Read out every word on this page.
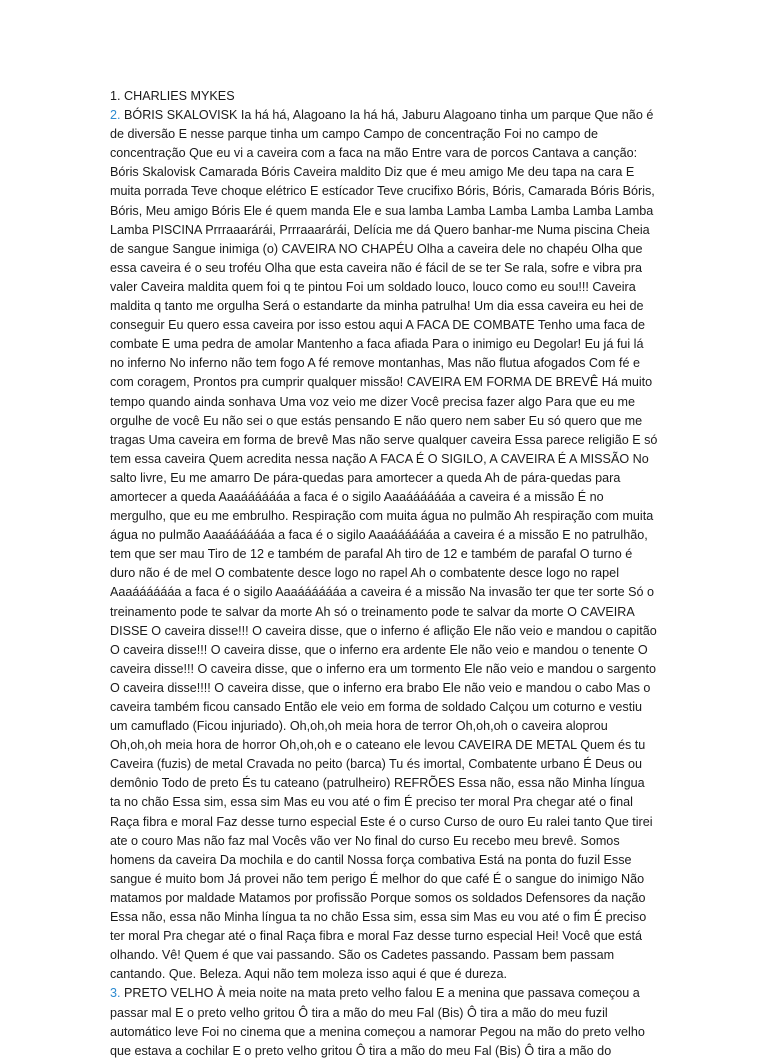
1. CHARLIES MYKES

2. BÓRIS SKALOVISK Ia há há, Alagoano Ia há há, Jaburu Alagoano tinha um parque Que não é de diversão E nesse parque tinha um campo Campo de concentração Foi no campo de concentração Que eu vi a caveira com a faca na mão Entre vara de porcos Cantava a canção: Bóris Skalovisk Camarada Bóris Caveira maldito Diz que é meu amigo Me deu tapa na cara E muita porrada Teve choque elétrico E estícador Teve crucifixo Bóris, Bóris, Camarada Bóris Bóris, Bóris, Meu amigo Bóris Ele é quem manda Ele e sua lamba Lamba Lamba Lamba Lamba Lamba Lamba PISCINA Prrraaarárái, Prrraaarárái, Delícia me dá Quero banhar-me Numa piscina Cheia de sangue Sangue inimiga (o) CAVEIRA NO CHAPÉU Olha a caveira dele no chapéu Olha que essa caveira é o seu troféu Olha que esta caveira não é fácil de se ter Se rala, sofre e vibra pra valer Caveira maldita quem foi q te pintou Foi um soldado louco, louco como eu sou!!! Caveira maldita q tanto me orgulha Será o estandarte da minha patrulha! Um dia essa caveira eu hei de conseguir Eu quero essa caveira por isso estou aqui A FACA DE COMBATE Tenho uma faca de combate E uma pedra de amolar Mantenho a faca afiada Para o inimigo eu Degolar! Eu já fui lá no inferno No inferno não tem fogo A fé remove montanhas, Mas não flutua afogados Com fé e com coragem, Prontos pra cumprir qualquer missão! CAVEIRA EM FORMA DE BREVÊ Há muito tempo quando ainda sonhava Uma voz veio me dizer Você precisa fazer algo Para que eu me orgulhe de você Eu não sei o que estás pensando E não quero nem saber Eu só quero que me tragas Uma caveira em forma de brevê Mas não serve qualquer caveira Essa parece religião E só tem essa caveira Quem acredita nessa nação A FACA É O SIGILO, A CAVEIRA É A MISSÃO No salto livre, Eu me amarro De pára-quedas para amortecer a queda Ah de pára-quedas para amortecer a queda Aaaááááááa a faca é o sigilo Aaaááááááa a caveira é a missão É no mergulho, que eu me embrulho. Respiração com muita água no pulmão Ah respiração com muita água no pulmão Aaaááááááa a faca é o sigilo Aaaááááááa a caveira é a missão E no patrulhão, tem que ser mau Tiro de 12 e também de parafal Ah tiro de 12 e também de parafal O turno é duro não é de mel O combatente desce logo no rapel Ah o combatente desce logo no rapel Aaaááááááa a faca é o sigilo Aaaááááááa a caveira é a missão Na invasão ter que ter sorte Só o treinamento pode te salvar da morte Ah só o treinamento pode te salvar da morte O CAVEIRA DISSE O caveira disse!!! O caveira disse, que o inferno é aflição Ele não veio e mandou o capitão O caveira disse!!! O caveira disse, que o inferno era ardente Ele não veio e mandou o tenente O caveira disse!!! O caveira disse, que o inferno era um tormento Ele não veio e mandou o sargento O caveira disse!!!! O caveira disse, que o inferno era brabo Ele não veio e mandou o cabo Mas o caveira também ficou cansado Então ele veio em forma de soldado Calçou um coturno e vestiu um camuflado (Ficou injuriado). Oh,oh,oh meia hora de terror Oh,oh,oh o caveira aloprou Oh,oh,oh meia hora de horror Oh,oh,oh e o cateano ele levou CAVEIRA DE METAL Quem és tu Caveira (fuzis) de metal Cravada no peito (barca) Tu és imortal, Combatente urbano É Deus ou demônio Todo de preto És tu cateano (patrulheiro) REFRÕES Essa não, essa não Minha língua ta no chão Essa sim, essa sim Mas eu vou até o fim É preciso ter moral Pra chegar até o final Raça fibra e moral Faz desse turno especial Este é o curso Curso de ouro Eu ralei tanto Que tirei ate o couro Mas não faz mal Vocês vão ver No final do curso Eu recebo meu brevê. Somos homens da caveira Da mochila e do cantil Nossa força combativa Está na ponta do fuzil Esse sangue é muito bom Já provei não tem perigo É melhor do que café É o sangue do inimigo Não matamos por maldade Matamos por profissão Porque somos os soldados Defensores da nação Essa não, essa não Minha língua ta no chão Essa sim, essa sim Mas eu vou até o fim É preciso ter moral Pra chegar até o final Raça fibra e moral Faz desse turno especial Hei! Você que está olhando. Vê! Quem é que vai passando. São os Cadetes passando. Passam bem passam cantando. Que. Beleza. Aqui não tem moleza isso aqui é que é dureza.

3. PRETO VELHO À meia noite na mata preto velho falou E a menina que passava começou a passar mal E o preto velho gritou Ô tira a mão do meu Fal (Bis) Ô tira a mão do meu fuzil automático leve Foi no cinema que a menina começou a namorar Pegou na mão do preto velho que estava a cochilar E o preto velho gritou Ô tira a mão do meu Fal (Bis) Ô tira a mão do
